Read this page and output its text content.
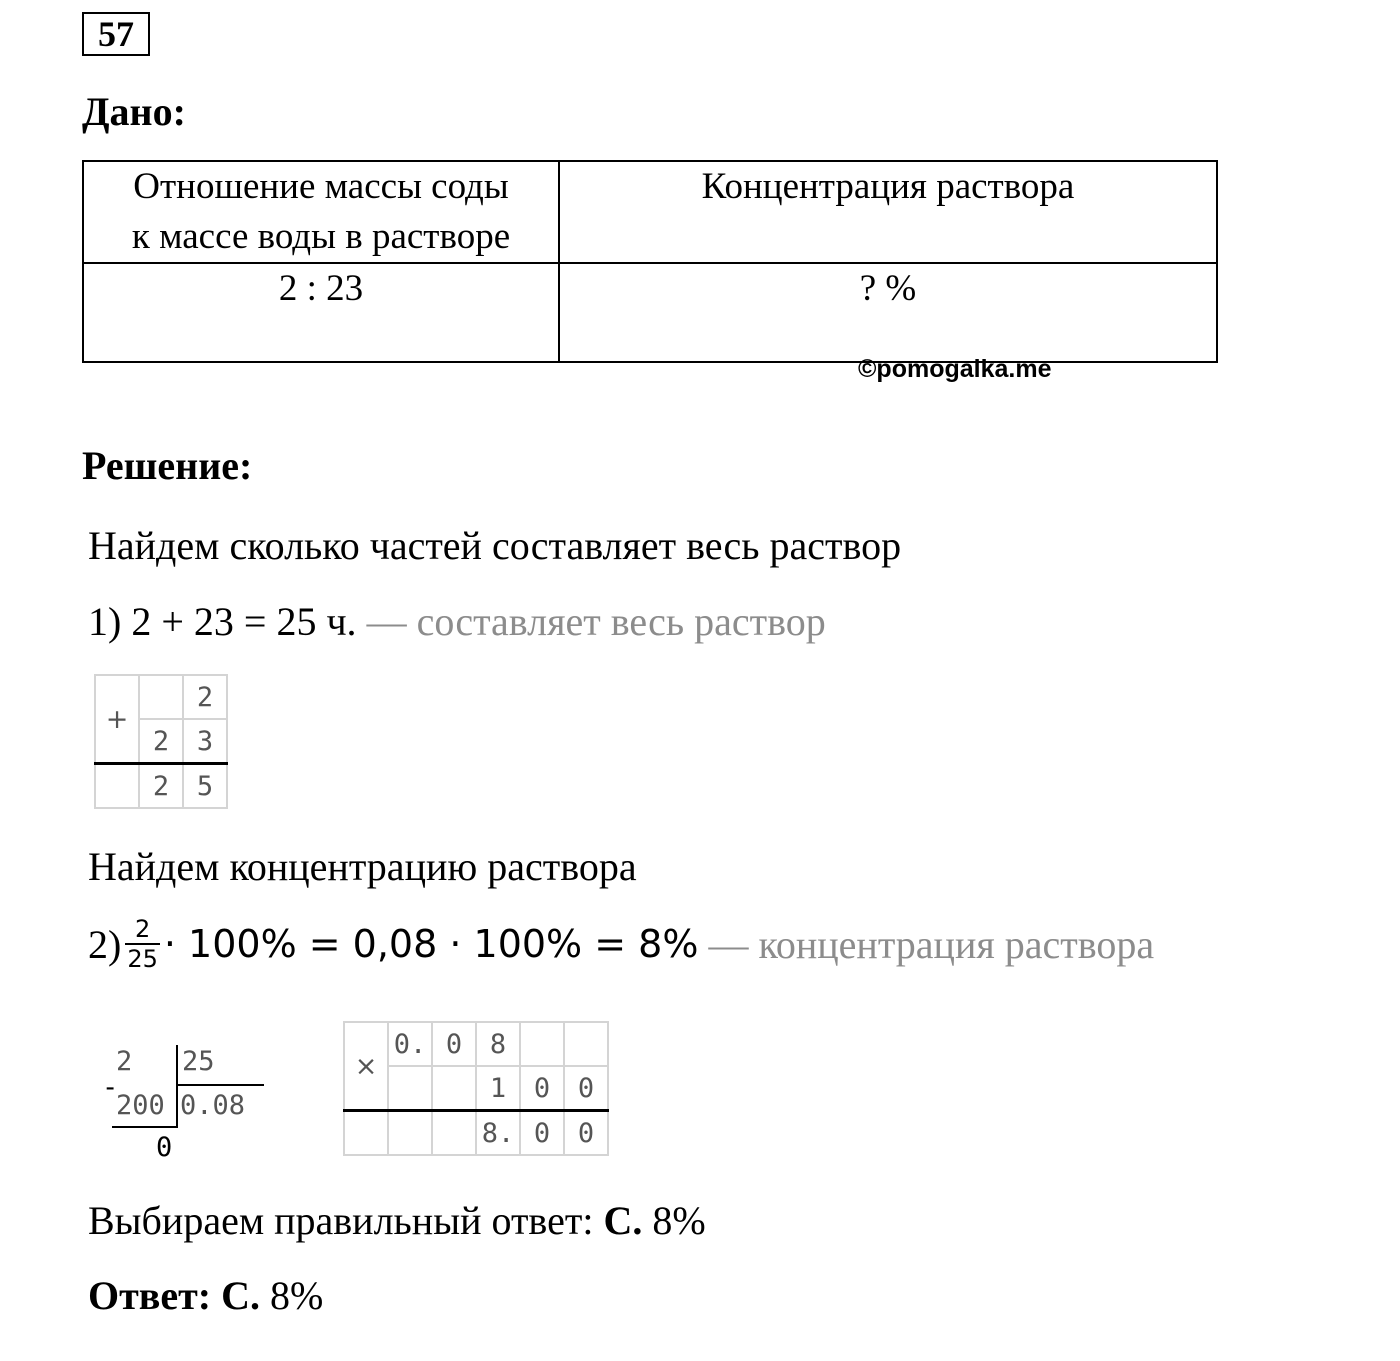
57
Дано:
Отношение массы соды
к массе воды в растворе	Концентрация раствора
2 : 23	? %
©pomogalka.me
Решение:
Найдем сколько частей составляет весь раствор
1) 2 + 23 = 25 ч. — составляет весь раствор
+		2
	2	3
	2	5
Найдем концентрацию раствора
$2) \frac{2}{25} \cdot 100\% = 0,08 \cdot 100\% = 8\%$ — концентрация раствора
2 25
-
200 0.08
0
×	0.	0	8		
			1	0	0
			8.	0	0
Выбираем правильный ответ: С. 8%
Ответ: С. 8%
